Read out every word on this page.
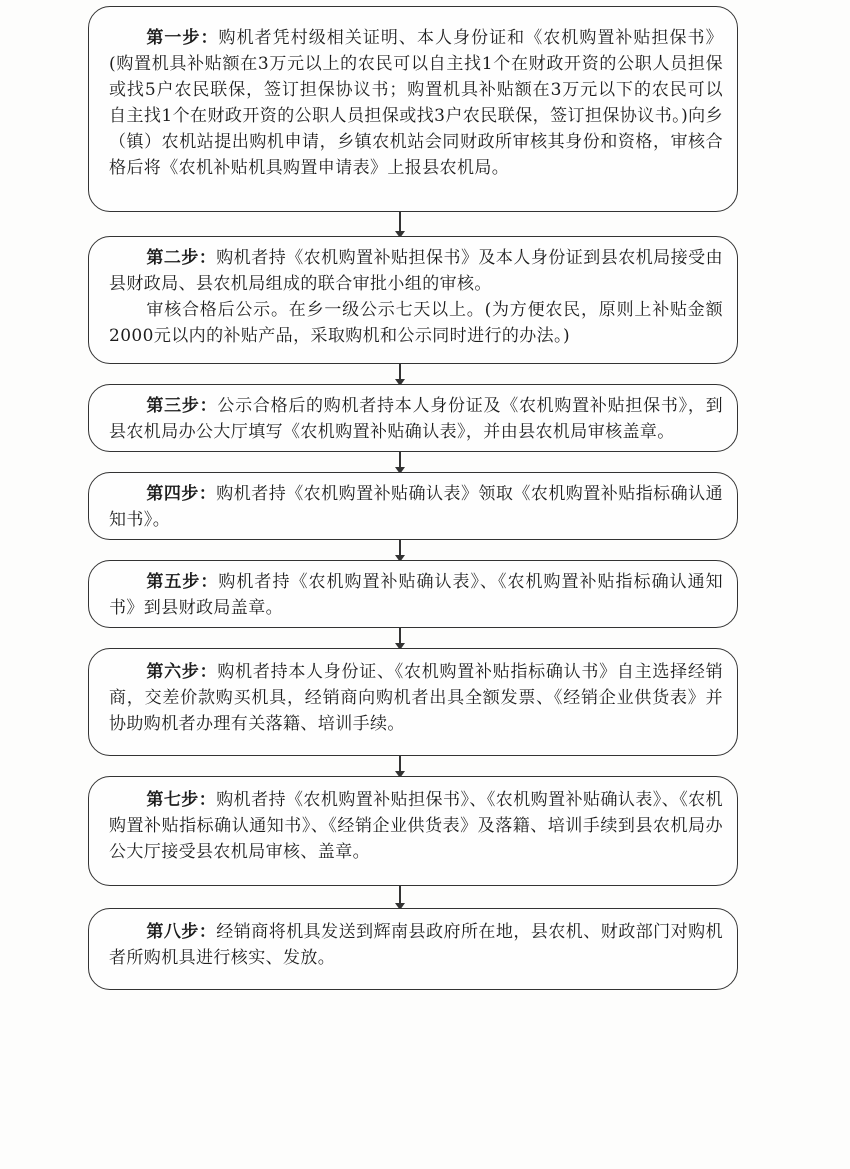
第一步：购机者凭村级相关证明、本人身份证和《农机购置补贴担保书》(购置机具补贴额在3万元以上的农民可以自主找1个在财政开资的公职人员担保或找5户农民联保，签订担保协议书；购置机具补贴额在3万元以下的农民可以自主找1个在财政开资的公职人员担保或找3户农民联保，签订担保协议书。)向乡（镇）农机站提出购机申请，乡镇农机站会同财政所审核其身份和资格，审核合格后将《农机补贴机具购置申请表》上报县农机局。

第二步：购机者持《农机购置补贴担保书》及本人身份证到县农机局接受由县财政局、县农机局组成的联合审批小组的审核。

审核合格后公示。在乡一级公示七天以上。(为方便农民，原则上补贴金额2000元以内的补贴产品，采取购机和公示同时进行的办法。)

第三步：公示合格后的购机者持本人身份证及《农机购置补贴担保书》，到县农机局办公大厅填写《农机购置补贴确认表》，并由县农机局审核盖章。

第四步：购机者持《农机购置补贴确认表》领取《农机购置补贴指标确认通知书》。

第五步：购机者持《农机购置补贴确认表》、《农机购置补贴指标确认通知书》到县财政局盖章。

第六步：购机者持本人身份证、《农机购置补贴指标确认书》自主选择经销商，交差价款购买机具，经销商向购机者出具全额发票、《经销企业供货表》并协助购机者办理有关落籍、培训手续。

第七步：购机者持《农机购置补贴担保书》、《农机购置补贴确认表》、《农机购置补贴指标确认通知书》、《经销企业供货表》及落籍、培训手续到县农机局办公大厅接受县农机局审核、盖章。

第八步：经销商将机具发送到辉南县政府所在地，县农机、财政部门对购机者所购机具进行核实、发放。
